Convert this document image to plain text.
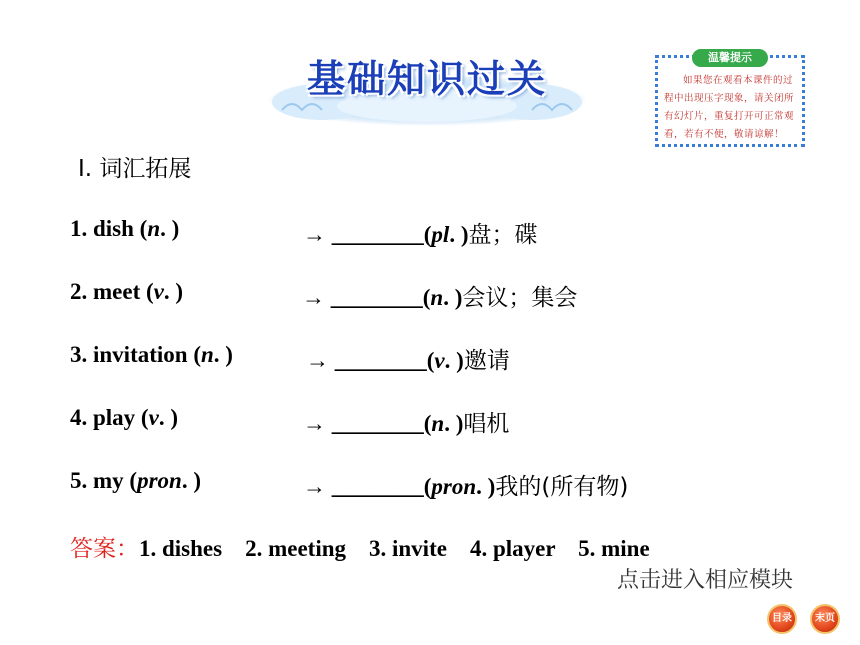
基础知识过关	温馨提示
如果您在观看本课件的过程中出现压字现象，请关闭所有幻灯片，重复打开可正常观看，若有不便，敬请谅解！
Ⅰ. 词汇拓展
1. dish (n. )	→ ________(pl. )盘；碟
2. meet (v. )	→ ________(n. )会议；集会
3. invitation (n. )	→ ________(v. )邀请
4. play (v. )	→ ________(n. )唱机
5. my (pron. )	→ ________(pron. )我的(所有物)
答案：1. dishes    2. meeting    3. invite    4. player    5. mine
点击进入相应模块
目录	末页
